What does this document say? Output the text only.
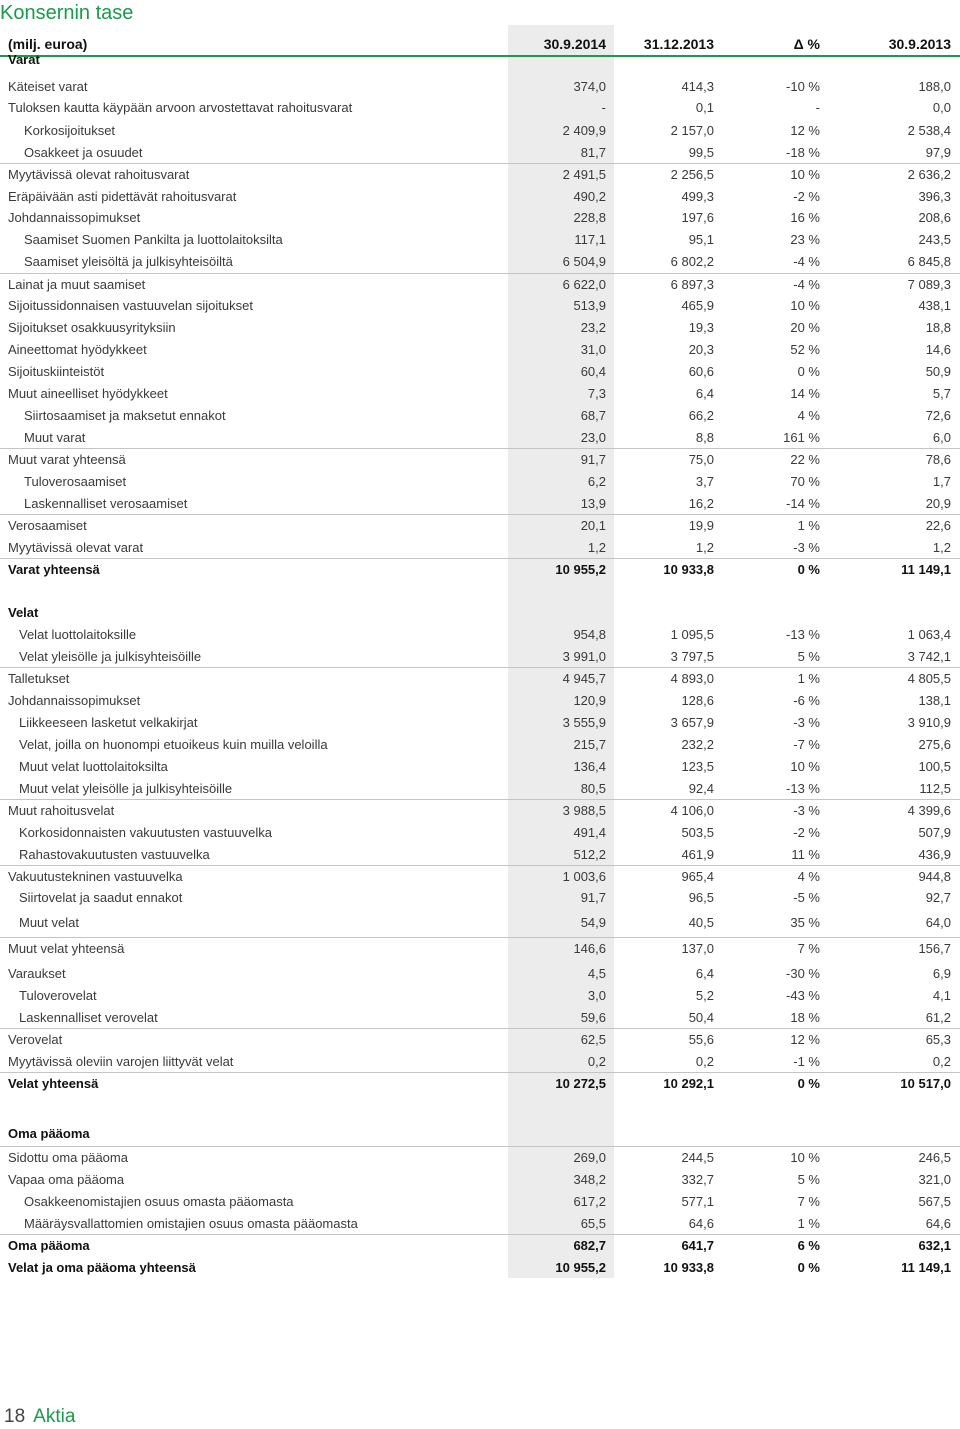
Konsernin tase
(milj. euroa)	30.9.2014	31.12.2013	Δ %	30.9.2013
Varat
Käteiset varat	374,0	414,3	-10 %	188,0
Tuloksen kautta käypään arvoon arvostettavat rahoitusvarat	-	0,1	-	0,0
Korkosijoitukset	2 409,9	2 157,0	12 %	2 538,4
Osakkeet ja osuudet	81,7	99,5	-18 %	97,9
Myytävissä olevat rahoitusvarat	2 491,5	2 256,5	10 %	2 636,2
Eräpäivään asti pidettävät rahoitusvarat	490,2	499,3	-2 %	396,3
Johdannaissopimukset	228,8	197,6	16 %	208,6
Saamiset Suomen Pankilta ja luottolaitoksilta	117,1	95,1	23 %	243,5
Saamiset yleisöltä ja julkisyhteisöiltä	6 504,9	6 802,2	-4 %	6 845,8
Lainat ja muut saamiset	6 622,0	6 897,3	-4 %	7 089,3
Sijoitussidonnaisen vastuuvelan sijoitukset	513,9	465,9	10 %	438,1
Sijoitukset osakkuusyrityksiin	23,2	19,3	20 %	18,8
Aineettomat hyödykkeet	31,0	20,3	52 %	14,6
Sijoituskiinteistöt	60,4	60,6	0 %	50,9
Muut aineelliset hyödykkeet	7,3	6,4	14 %	5,7
Siirtosaamiset ja maksetut ennakot	68,7	66,2	4 %	72,6
Muut varat	23,0	8,8	161 %	6,0
Muut varat yhteensä	91,7	75,0	22 %	78,6
Tuloverosaamiset	6,2	3,7	70 %	1,7
Laskennalliset verosaamiset	13,9	16,2	-14 %	20,9
Verosaamiset	20,1	19,9	1 %	22,6
Myytävissä olevat varat	1,2	1,2	-3 %	1,2
Varat yhteensä	10 955,2	10 933,8	0 %	11 149,1
Velat
Velat luottolaitoksille	954,8	1 095,5	-13 %	1 063,4
Velat yleisölle ja julkisyhteisöille	3 991,0	3 797,5	5 %	3 742,1
Talletukset	4 945,7	4 893,0	1 %	4 805,5
Johdannaissopimukset	120,9	128,6	-6 %	138,1
Liikkeeseen lasketut velkakirjat	3 555,9	3 657,9	-3 %	3 910,9
Velat, joilla on huonompi etuoikeus kuin muilla veloilla	215,7	232,2	-7 %	275,6
Muut velat luottolaitoksilta	136,4	123,5	10 %	100,5
Muut velat yleisölle ja julkisyhteisöille	80,5	92,4	-13 %	112,5
Muut rahoitusvelat	3 988,5	4 106,0	-3 %	4 399,6
Korkosidonnaisten vakuutusten vastuuvelka	491,4	503,5	-2 %	507,9
Rahastovakuutusten vastuuvelka	512,2	461,9	11 %	436,9
Vakuutustekninen vastuuvelka	1 003,6	965,4	4 %	944,8
Siirtovelat ja saadut ennakot	91,7	96,5	-5 %	92,7
Muut velat	54,9	40,5	35 %	64,0
Muut velat yhteensä	146,6	137,0	7 %	156,7
Varaukset	4,5	6,4	-30 %	6,9
Tuloverovelat	3,0	5,2	-43 %	4,1
Laskennalliset verovelat	59,6	50,4	18 %	61,2
Verovelat	62,5	55,6	12 %	65,3
Myytävissä oleviin varojen liittyvät velat	0,2	0,2	-1 %	0,2
Velat yhteensä	10 272,5	10 292,1	0 %	10 517,0
Oma pääoma
Sidottu oma pääoma	269,0	244,5	10 %	246,5
Vapaa oma pääoma	348,2	332,7	5 %	321,0
Osakkeenomistajien osuus omasta pääomasta	617,2	577,1	7 %	567,5
Määräysvallattomien omistajien osuus omasta pääomasta	65,5	64,6	1 %	64,6
Oma pääoma	682,7	641,7	6 %	632,1
Velat ja oma pääoma yhteensä	10 955,2	10 933,8	0 %	11 149,1
18 Aktia
